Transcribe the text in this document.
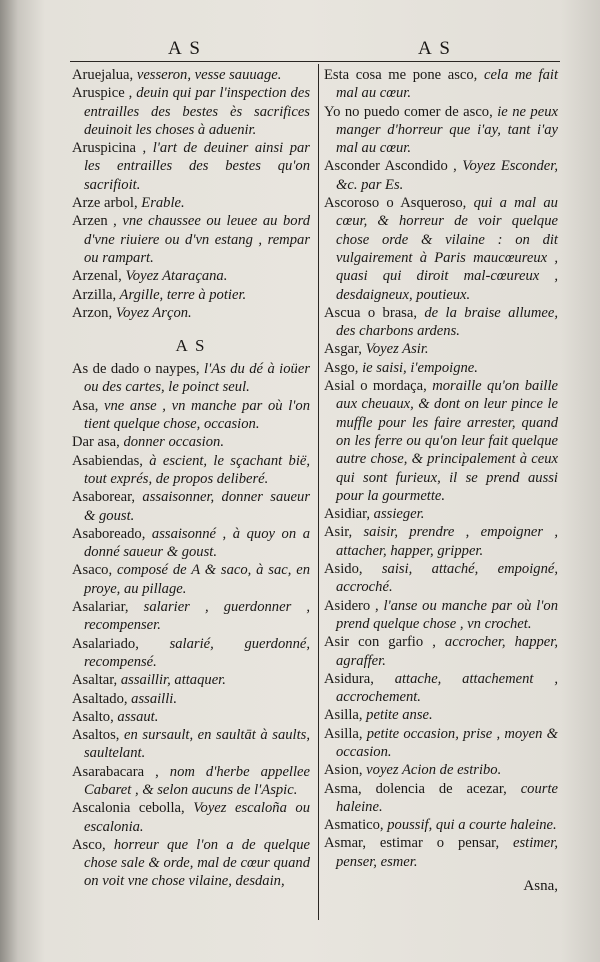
A S	A S
Aruejalua, vesseron, vesse sauuage.
Aruspice , deuin qui par l'inspection des entrailles des bestes ès sacrifices deuinoit les choses à aduenir.
Aruspicina , l'art de deuiner ainsi par les entrailles des bestes qu'on sacrifioit.
Arze arbol, Erable.
Arzen , vne chaussee ou leuee au bord d'vne riuiere ou d'vn estang , rempar ou rampart.
Arzenal, Voyez Ataraçana.
Arzilla, Argille, terre à potier.
Arzon, Voyez Arçon.
A S
As de dado o naypes, l'As du dé à ioüer ou des cartes, le poinct seul.
Asa, vne anse , vn manche par où l'on tient quelque chose, occasion.
Dar asa, donner occasion.
Asabiendas, à escient, le sçachant bië, tout exprés, de propos deliberé.
Asaborear, assaisonner, donner saueur & goust.
Asaboreado, assaisonné , à quoy on a donné saueur & goust.
Asaco, composé de A & saco, à sac, en proye, au pillage.
Asalariar, salarier , guerdonner , recompenser.
Asalariado, salarié, guerdonné, recompensé.
Asaltar, assaillir, attaquer.
Asaltado, assailli.
Asalto, assaut.
Asaltos, en sursault, en saultāt à saults, saultelant.
Asarabacara , nom d'herbe appellee Cabaret , & selon aucuns de l'Aspic.
Ascalonia cebolla, Voyez escaloña ou escalonia.
Asco, horreur que l'on a de quelque chose sale & orde, mal de cœur quand on voit vne chose vilaine, desdain,
Esta cosa me pone asco, cela me fait mal au cœur.
Yo no puedo comer de asco, ie ne peux manger d'horreur que i'ay, tant i'ay mal au cœur.
Asconder Ascondido , Voyez Esconder, &c. par Es.
Ascoroso o Asqueroso, qui a mal au cœur, & horreur de voir quelque chose orde & vilaine : on dit vulgairement à Paris maucœureux , quasi qui diroit mal-cœureux , desdaigneux, poutieux.
Ascua o brasa, de la braise allumee, des charbons ardens.
Asgar, Voyez Asir.
Asgo, ie saisi, i'empoigne.
Asial o mordaça, moraille qu'on baille aux cheuaux, & dont on leur pince le muffle pour les faire arrester, quand on les ferre ou qu'on leur fait quelque autre chose, & principalement à ceux qui sont furieux, il se prend aussi pour la gourmette.
Asidiar, assieger.
Asir, saisir, prendre , empoigner , attacher, happer, gripper.
Asido, saisi, attaché, empoigné, accroché.
Asidero , l'anse ou manche par où l'on prend quelque chose , vn crochet.
Asir con garfio , accrocher, happer, agraffer.
Asidura, attache, attachement , accrochement.
Asilla, petite anse.
Asilla, petite occasion, prise , moyen & occasion.
Asion, voyez Acion de estribo.
Asma, dolencia de acezar, courte haleine.
Asmatico, poussif, qui a courte haleine.
Asmar, estimar o pensar, estimer, penser, esmer.
Asna,
